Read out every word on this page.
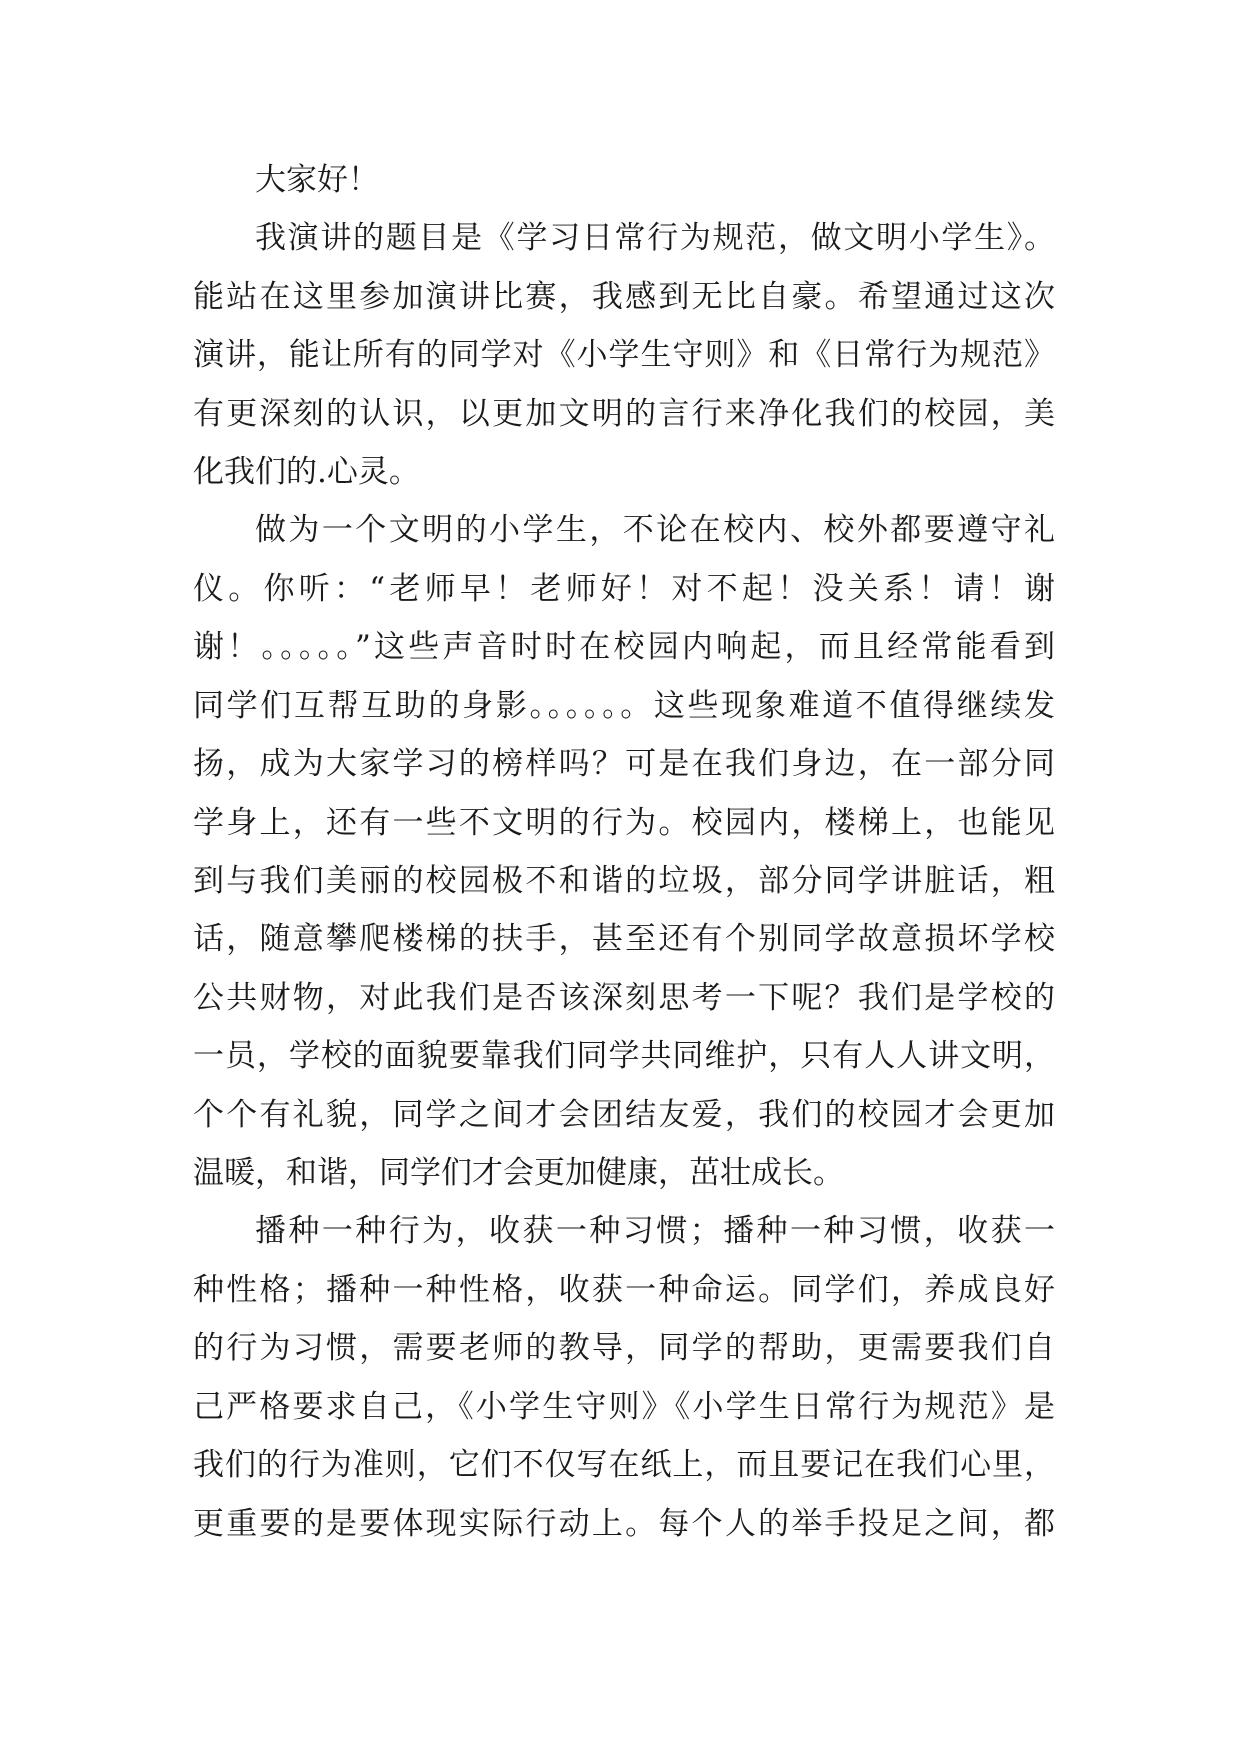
大家好！
我演讲的题目是《学习日常行为规范，做文明小学生》。
能站在这里参加演讲比赛，我感到无比自豪。希望通过这次
演讲，能让所有的同学对《小学生守则》和《日常行为规范》
有更深刻的认识，以更加文明的言行来净化我们的校园，美
化我们的.心灵。
做为一个文明的小学生，不论在校内、校外都要遵守礼
仪。你听：“老师早！老师好！对不起！没关系！请！谢
谢！。。。。。”这些声音时时在校园内响起，而且经常能看到
同学们互帮互助的身影。。。。。。这些现象难道不值得继续发
扬，成为大家学习的榜样吗？可是在我们身边，在一部分同
学身上，还有一些不文明的行为。校园内，楼梯上，也能见
到与我们美丽的校园极不和谐的垃圾，部分同学讲脏话，粗
话，随意攀爬楼梯的扶手，甚至还有个别同学故意损坏学校
公共财物，对此我们是否该深刻思考一下呢？我们是学校的
一员，学校的面貌要靠我们同学共同维护，只有人人讲文明，
个个有礼貌，同学之间才会团结友爱，我们的校园才会更加
温暖，和谐，同学们才会更加健康，茁壮成长。
播种一种行为，收获一种习惯；播种一种习惯，收获一
种性格；播种一种性格，收获一种命运。同学们，养成良好
的行为习惯，需要老师的教导，同学的帮助，更需要我们自
己严格要求自己，《小学生守则》《小学生日常行为规范》是
我们的行为准则，它们不仅写在纸上，而且要记在我们心里，
更重要的是要体现实际行动上。每个人的举手投足之间，都
